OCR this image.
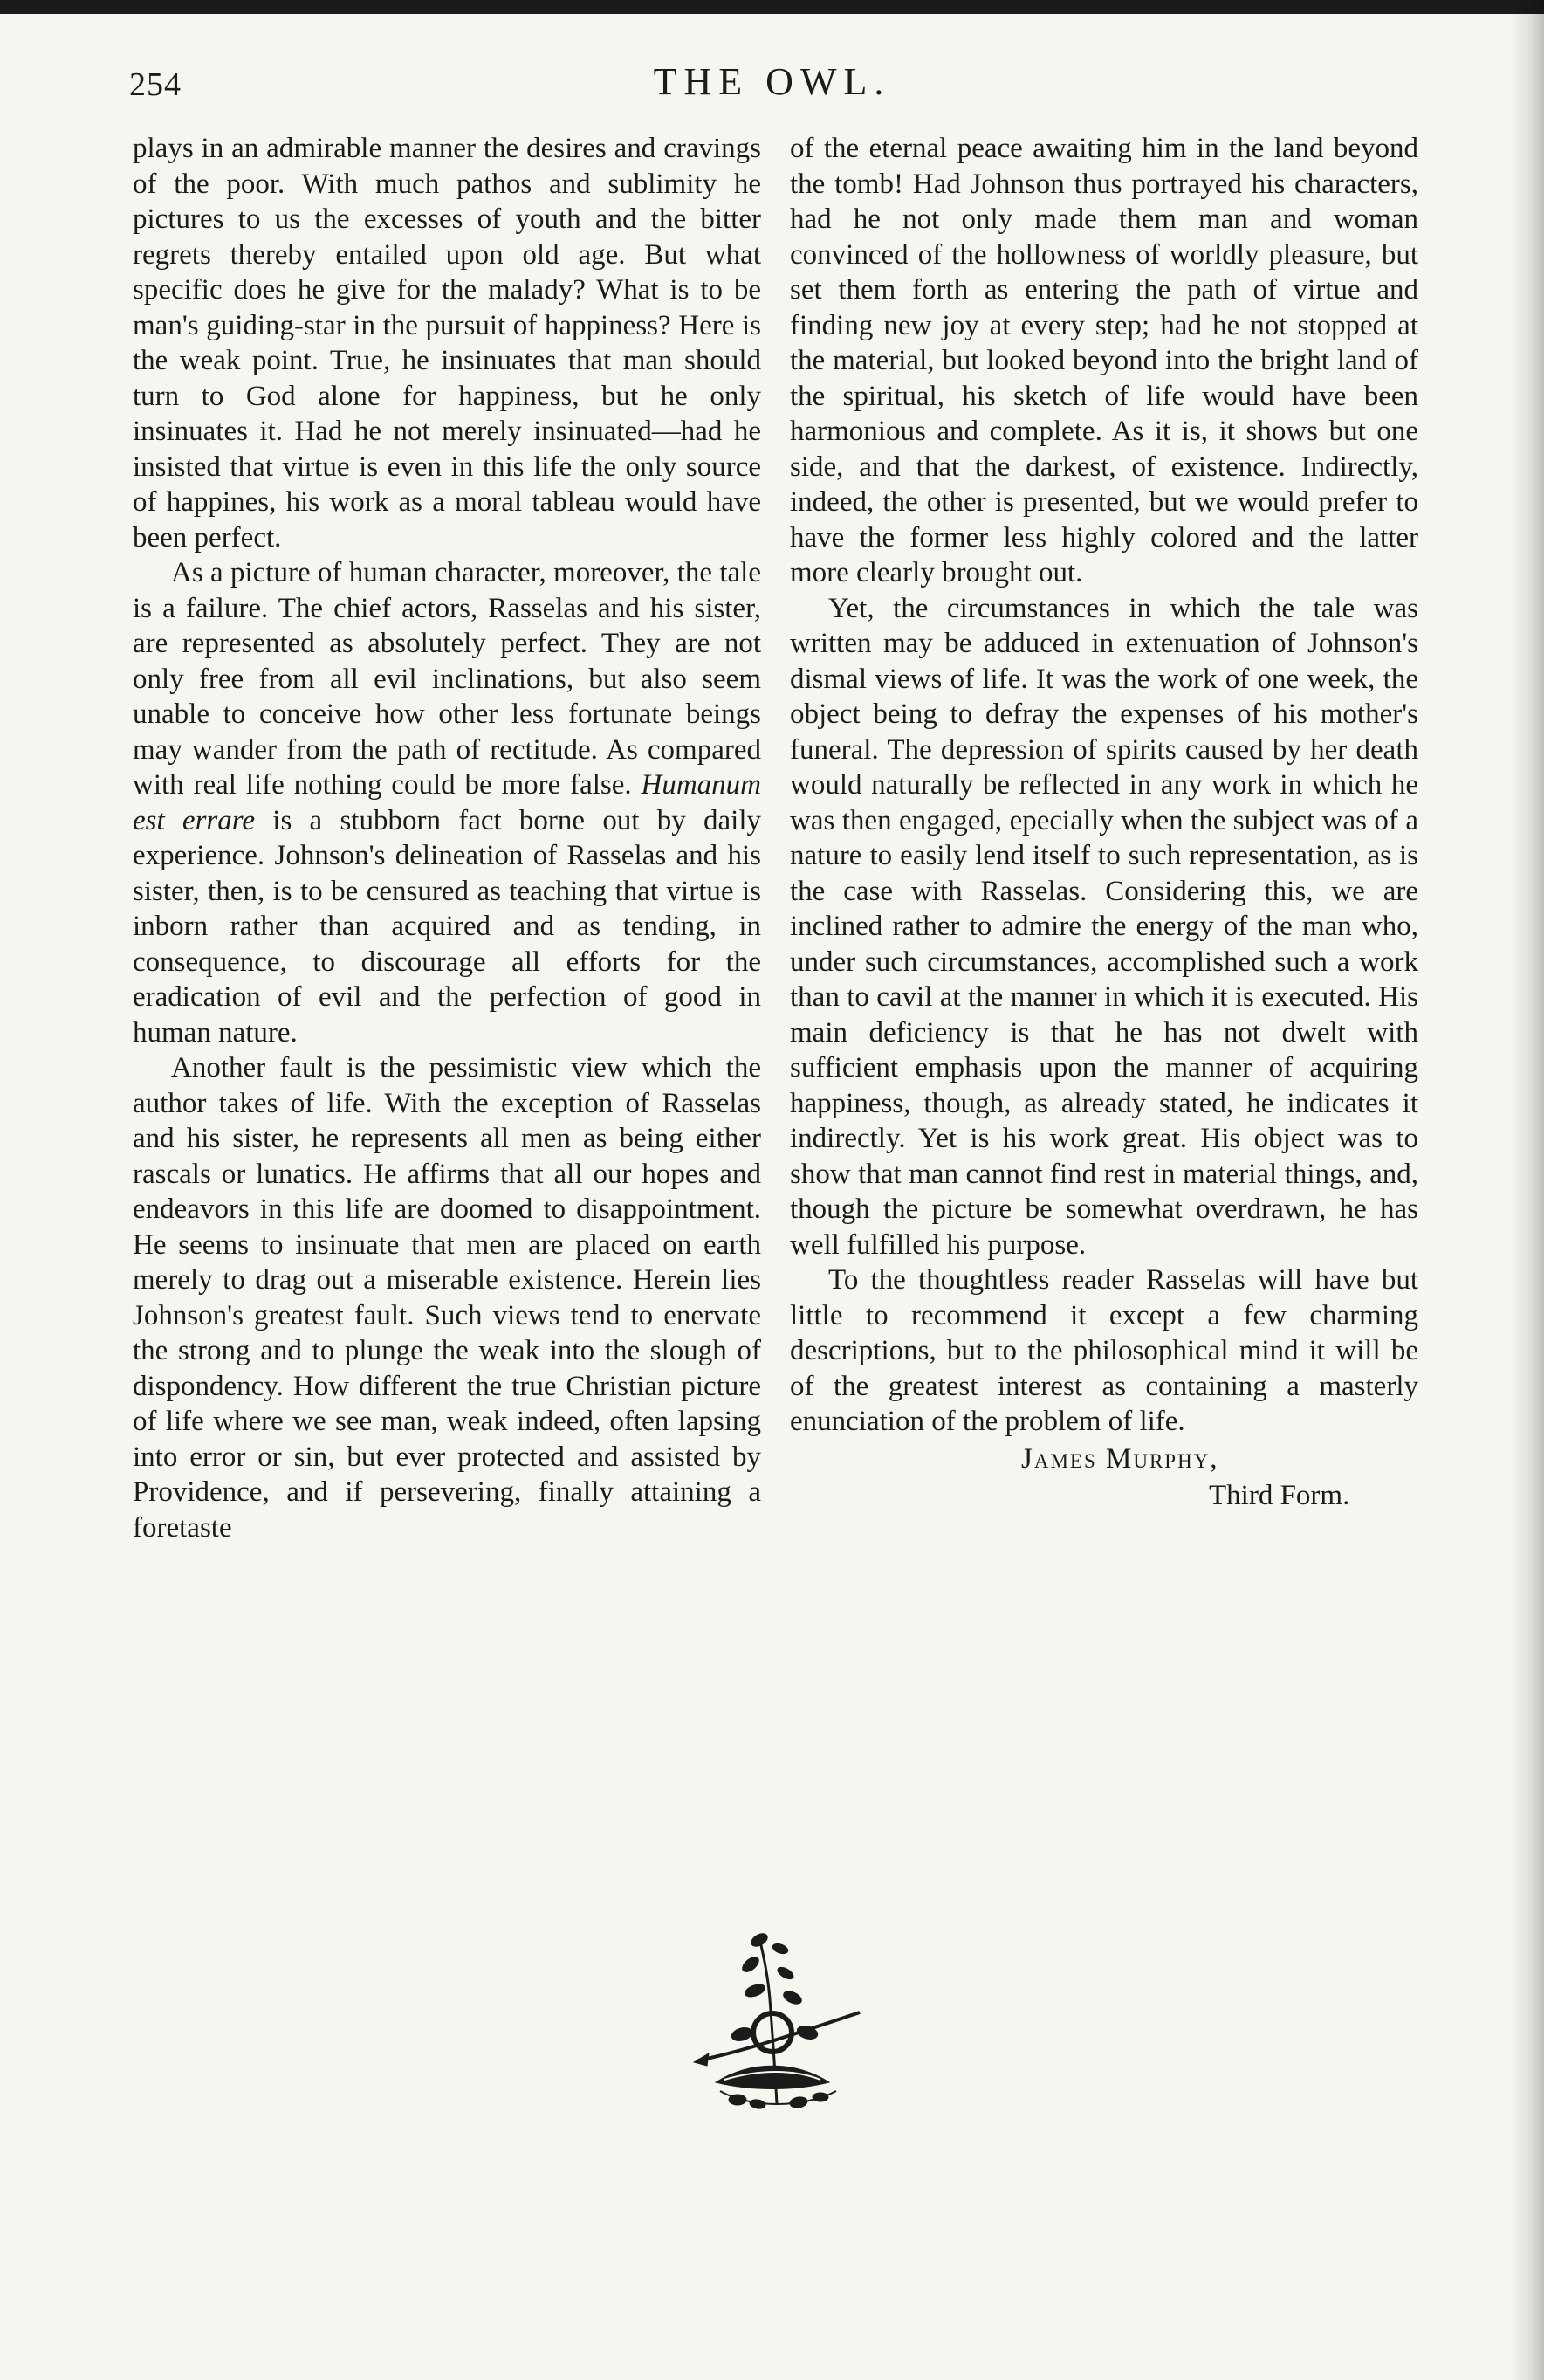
254	THE OWL.

plays in an admirable manner the desires and cravings of the poor. With much pathos and sublimity he pictures to us the excesses of youth and the bitter regrets thereby entailed upon old age. But what specific does he give for the malady? What is to be man's guiding-star in the pursuit of happiness? Here is the weak point. True, he insinuates that man should turn to God alone for happiness, but he only insinuates it. Had he not merely insinuated—had he insisted that virtue is even in this life the only source of happines, his work as a moral tableau would have been perfect.

As a picture of human character, moreover, the tale is a failure. The chief actors, Rasselas and his sister, are represented as absolutely perfect. They are not only free from all evil inclinations, but also seem unable to conceive how other less fortunate beings may wander from the path of rectitude. As compared with real life nothing could be more false. Humanum est errare is a stubborn fact borne out by daily experience. Johnson's delineation of Rasselas and his sister, then, is to be censured as teaching that virtue is inborn rather than acquired and as tending, in consequence, to discourage all efforts for the eradication of evil and the perfection of good in human nature.

Another fault is the pessimistic view which the author takes of life. With the exception of Rasselas and his sister, he represents all men as being either rascals or lunatics. He affirms that all our hopes and endeavors in this life are doomed to disappointment. He seems to insinuate that men are placed on earth merely to drag out a miserable existence. Herein lies Johnson's greatest fault. Such views tend to enervate the strong and to plunge the weak into the slough of dispondency. How different the true Christian picture of life where we see man, weak indeed, often lapsing into error or sin, but ever protected and assisted by Providence, and if persevering, finally attaining a foretaste

of the eternal peace awaiting him in the land beyond the tomb! Had Johnson thus portrayed his characters, had he not only made them man and woman convinced of the hollowness of worldly pleasure, but set them forth as entering the path of virtue and finding new joy at every step; had he not stopped at the material, but looked beyond into the bright land of the spiritual, his sketch of life would have been harmonious and complete. As it is, it shows but one side, and that the darkest, of existence. Indirectly, indeed, the other is presented, but we would prefer to have the former less highly colored and the latter more clearly brought out.

Yet, the circumstances in which the tale was written may be adduced in extenuation of Johnson's dismal views of life. It was the work of one week, the object being to defray the expenses of his mother's funeral. The depression of spirits caused by her death would naturally be reflected in any work in which he was then engaged, epecially when the subject was of a nature to easily lend itself to such representation, as is the case with Rasselas. Considering this, we are inclined rather to admire the energy of the man who, under such circumstances, accomplished such a work than to cavil at the manner in which it is executed. His main deficiency is that he has not dwelt with sufficient emphasis upon the manner of acquiring happiness, though, as already stated, he indicates it indirectly. Yet is his work great. His object was to show that man cannot find rest in material things, and, though the picture be somewhat overdrawn, he has well fulfilled his purpose.

To the thoughtless reader Rasselas will have but little to recommend it except a few charming descriptions, but to the philosophical mind it will be of the greatest interest as containing a masterly enunciation of the problem of life.

James Murphy,
Third Form.
